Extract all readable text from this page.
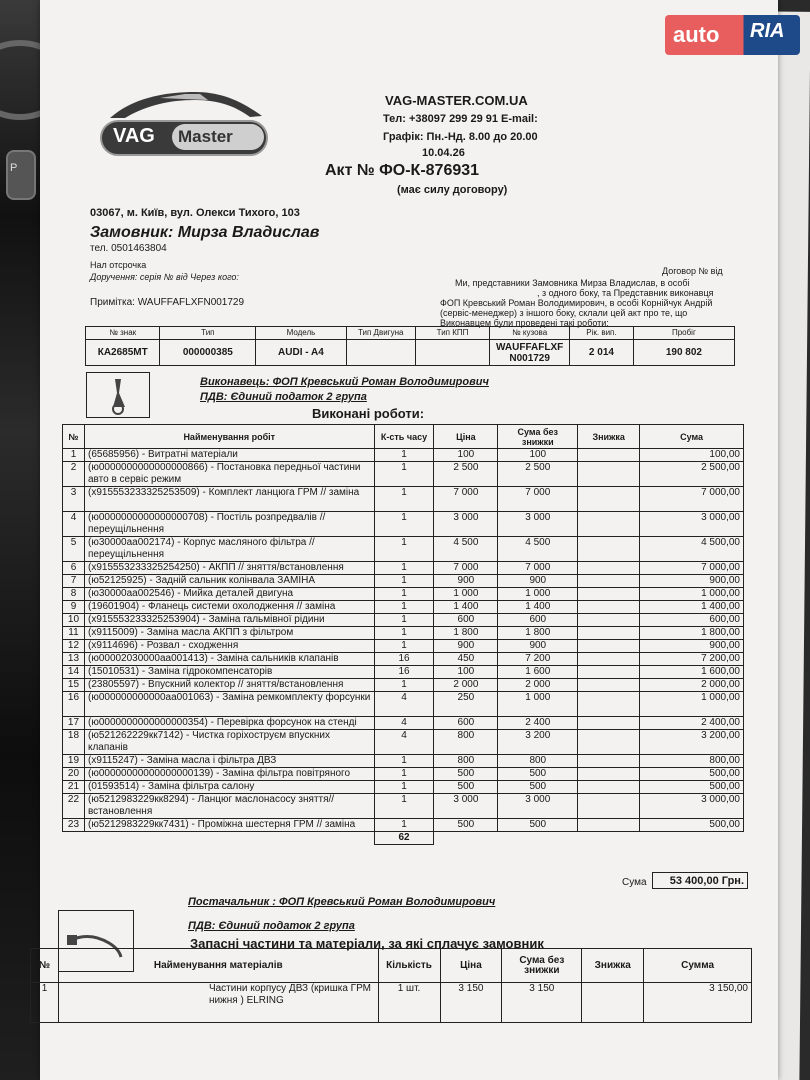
P
auto RIA
VAG Master
VAG-MASTER.COM.UA
Тел: +38097 299 29 91 E-mail:
Графік: Пн.-Нд. 8.00 до 20.00
10.04.26
Акт № ФО-К-876931
(має силу договору)
03067, м. Київ, вул. Олекси Тихого, 103
Замовник: Мирза Владислав
тел. 0501463804
Нал отсрочка
Доручення: серія № від Через кого:
Примітка: WAUFFAFLXFN001729
Договор № від
Ми, представники Замовника Мирза Владислав, в особі
, з одного боку, та Представник виконавця
ФОП Кревський Роман Володимирович, в особі Корнійчук Андрій
(сервіс-менеджер) з іншого боку, склали цей акт про те, що
Виконавцем були проведені такі роботи:
№ знак	Тип	Модель	Тип Двигуна	Тип КПП	№ кузова	Рік. вип.	Пробіг
КА2685МТ	000000385	AUDI - A4			WAUFFAFLXF N001729	2 014	190 802
Виконавець: ФОП Кревський Роман Володимирович
ПДВ: Єдиний податок 2 група
Виконані роботи:
№	Найменування робіт	К-сть часу	Ціна	Сума без знижки	Знижка	Сума
1	(65685956) - Витратні матеріали	1	100	100		100,00
2	(ю0000000000000000866) - Постановка передньої частини авто в сервіс режим	1	2 500	2 500		2 500,00
3	(х915553233325253509) - Комплект ланцюга ГРМ // заміна	1	7 000	7 000		7 000,00
4	(ю0000000000000000708) - Постіль розпредвалів // переущільнення	1	3 000	3 000		3 000,00
5	(ю30000аа002174) - Корпус масляного фільтра // переущільнення	1	4 500	4 500		4 500,00
6	(х915553233325254250) - АКПП // зняття/встановлення	1	7 000	7 000		7 000,00
7	(ю52125925) - Задній сальник колінвала ЗАМІНА	1	900	900		900,00
8	(ю30000аа002546) - Мийка деталей двигуна	1	1 000	1 000		1 000,00
9	(19601904) - Фланець системи охолодження // заміна	1	1 400	1 400		1 400,00
10	(х915553233325253904) - Заміна гальмівної рідини	1	600	600		600,00
11	(х9115009) - Заміна масла АКПП з фільтром	1	1 800	1 800		1 800,00
12	(х9114696) - Розвал - сходження	1	900	900		900,00
13	(ю00002030000аа001413) - Заміна сальників клапанів	16	450	7 200		7 200,00
14	(15010531) - Заміна гідрокомпенсаторів	16	100	1 600		1 600,00
15	(23805597) - Впускний колектор // зняття/встановлення	1	2 000	2 000		2 000,00
16	(ю000000000000аа001063) - Заміна ремкомплекту форсунки	4	250	1 000		1 000,00
17	(ю0000000000000000354) - Перевірка форсунок на стенді	4	600	2 400		2 400,00
18	(ю521262229кк7142) - Чистка горіхоструєм впускних клапанів	4	800	3 200		3 200,00
19	(х9115247) - Заміна масла і фільтра ДВЗ	1	800	800		800,00
20	(ю00000000000000000139) - Заміна фільтра повітряного	1	500	500		500,00
21	(01593514) - Заміна фільтра салону	1	500	500		500,00
22	(ю5212983229кк8294) - Ланцюг маслонасосу зняття//встановлення	1	3 000	3 000		3 000,00
23	(ю5212983229кк7431) - Проміжна шестерня ГРМ // заміна	1	500	500		500,00
		62				
Сума	53 400,00 Грн.
Постачальник : ФОП Кревський Роман Володимирович
ПДВ: Єдиний податок 2 група
Запасні частини та матеріали, за які сплачує замовник
№	Найменування матеріалів	Кількість	Ціна	Сума без знижки	Знижка	Сумма
1	Частини корпусу ДВЗ (кришка ГРМ нижня ) ELRING	1 шт.	3 150	3 150		3 150,00
